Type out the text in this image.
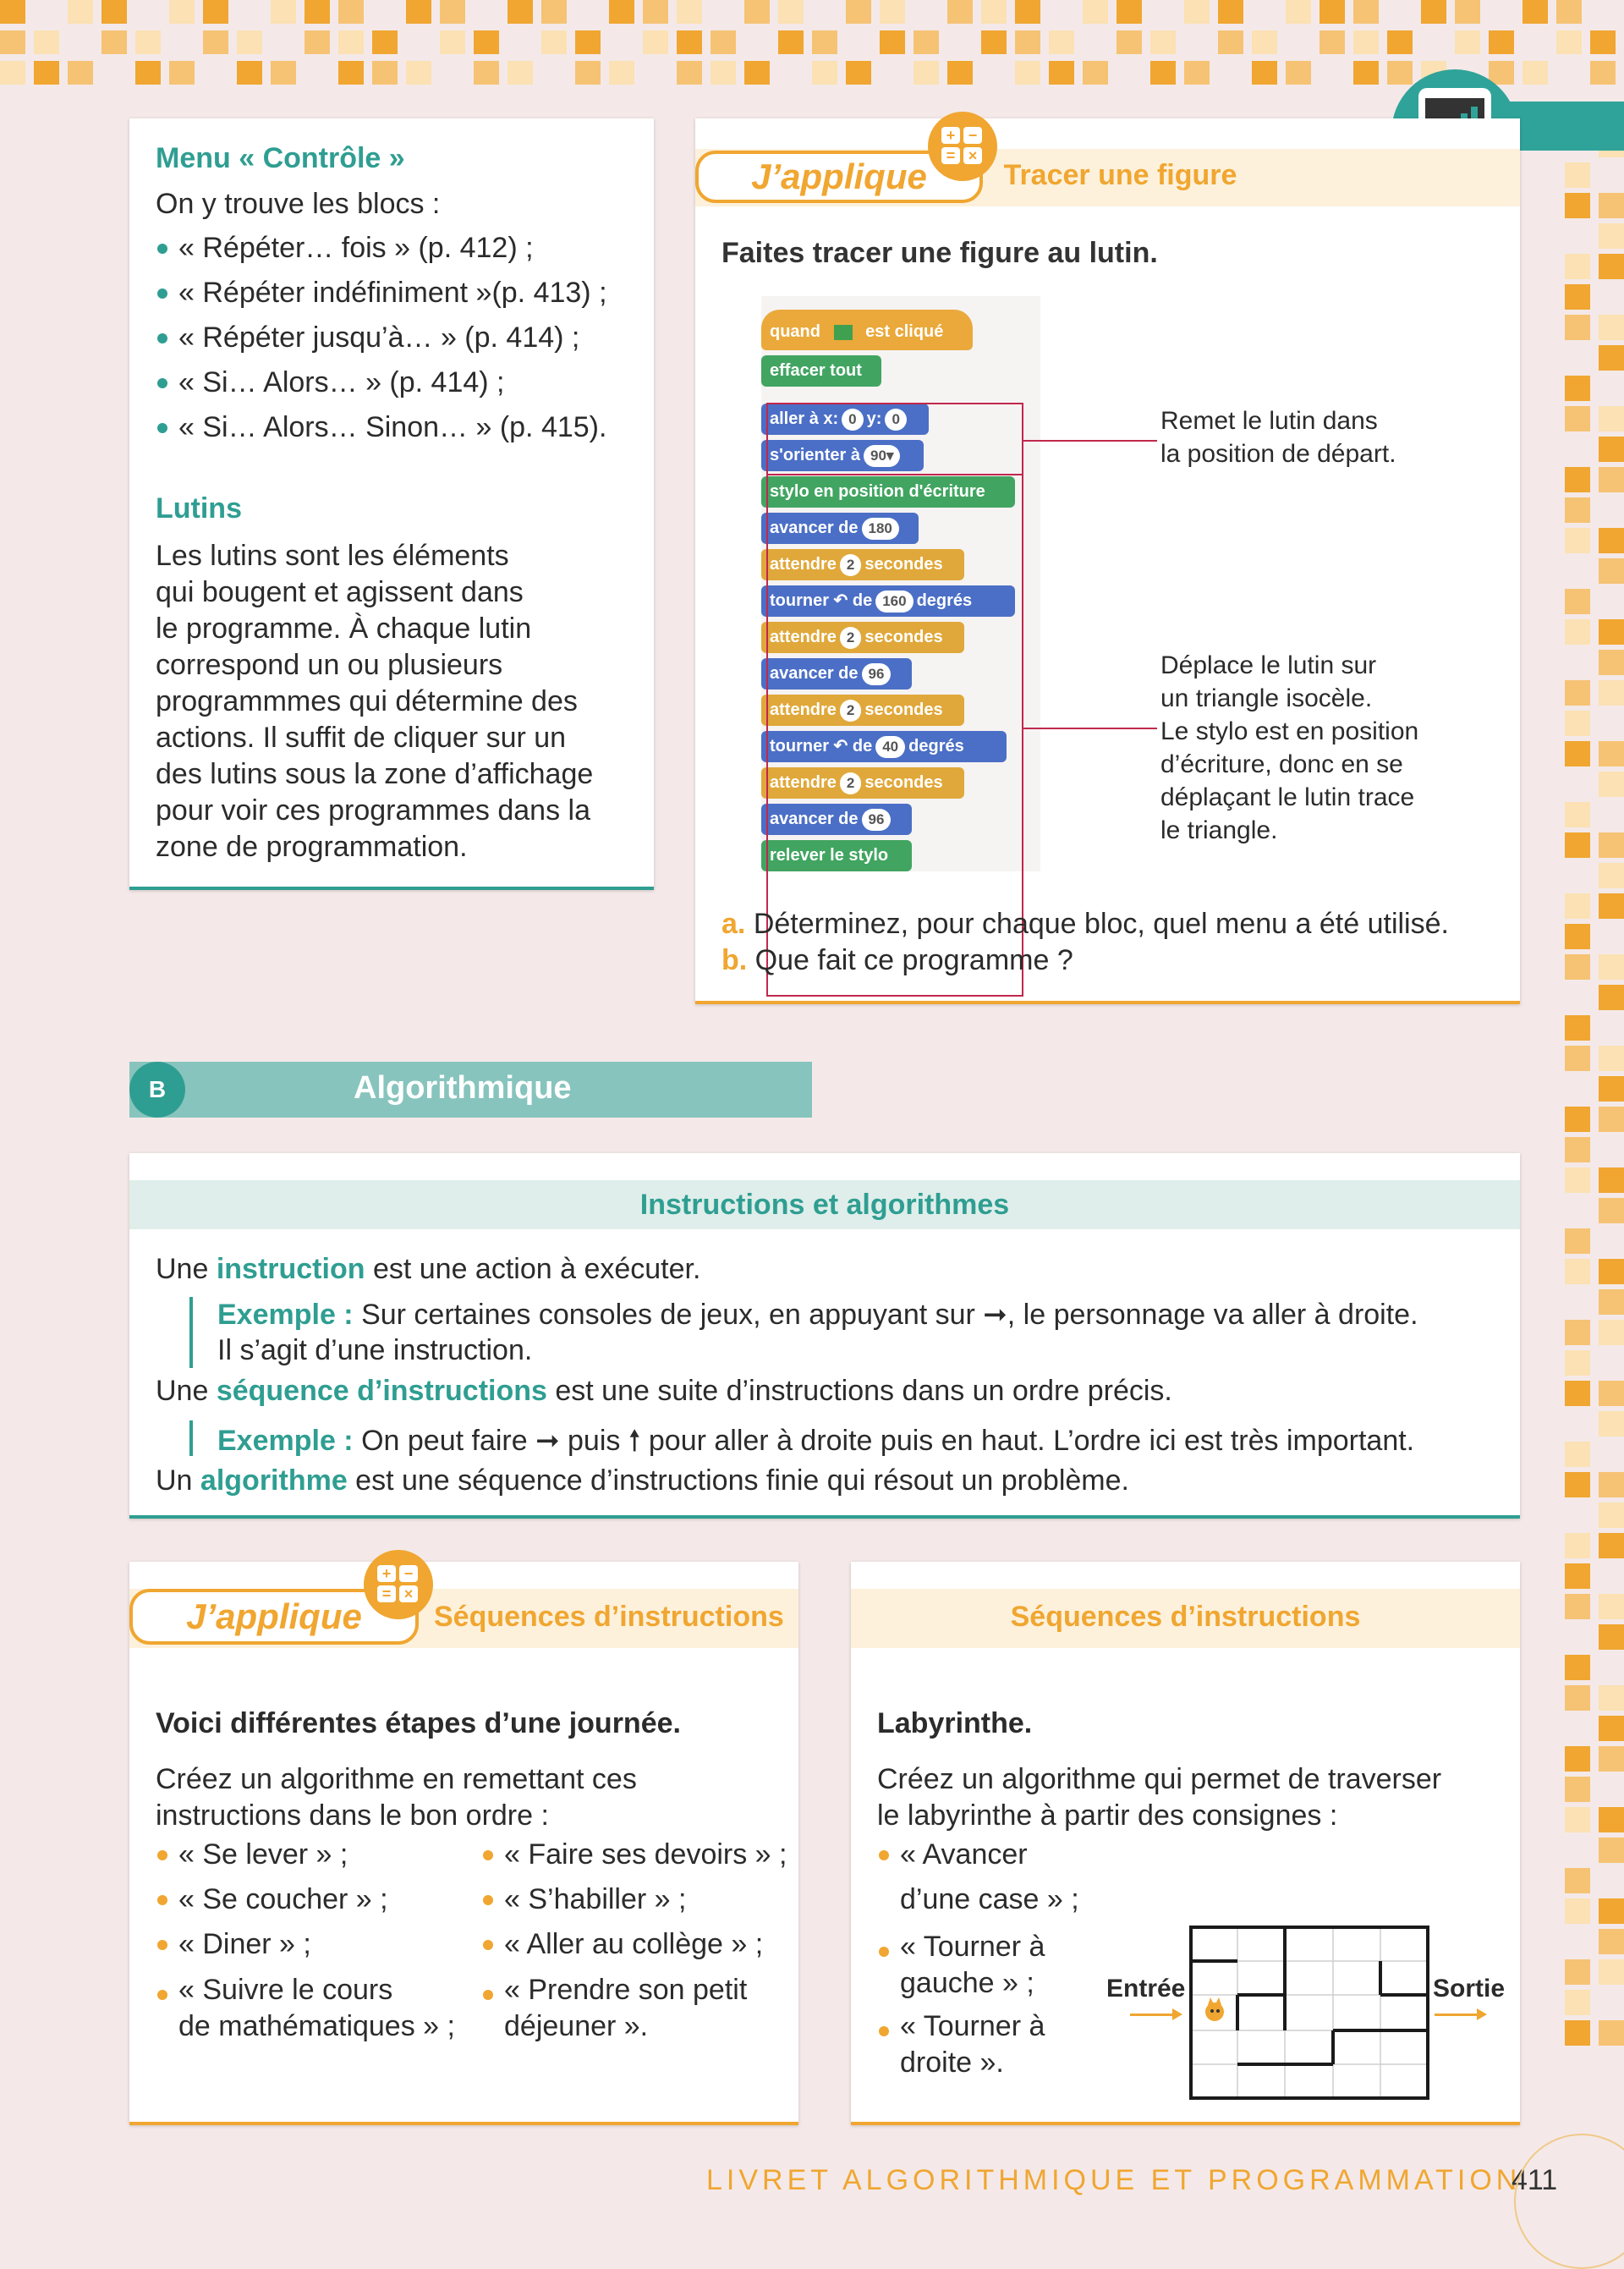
Menu « Contrôle »
On y trouve les blocs :
« Répéter… fois » (p. 412) ;
« Répéter indéfiniment »(p. 413) ;
« Répéter jusqu’à… » (p. 414) ;
« Si… Alors… » (p. 414) ;
« Si… Alors… Sinon… » (p. 415).
Lutins
Les lutins sont les éléments
qui bougent et agissent dans
le programme. À chaque lutin
correspond un ou plusieurs
programmmes qui détermine des
actions. Il suffit de cliquer sur un
des lutins sous la zone d’affichage
pour voir ces programmes dans la
zone de programmation.
Tracer une figure
Faites tracer une figure au lutin.
quand	est cliqué
effacer tout
aller à x: 0 y: 0
s'orienter à 90▾
stylo en position d'écriture
avancer de 180
attendre 2 secondes
tourner ↶ de 160 degrés
attendre 2 secondes
avancer de 96
attendre 2 secondes
tourner ↶ de 40 degrés
attendre 2 secondes
avancer de 96
relever le stylo
Remet le lutin dans
la position de départ.
Déplace le lutin sur
un triangle isocèle.
Le stylo est en position
d’écriture, donc en se
déplaçant le lutin trace
le triangle.
a. Déterminez, pour chaque bloc, quel menu a été utilisé.
b. Que fait ce programme ?
J’applique
+ −
= ×
B	Algorithmique
Instructions et algorithmes
Une instruction est une action à exécuter.
Exemple : Sur certaines consoles de jeux, en appuyant sur ➞, le personnage va aller à droite.
Il s’agit d’une instruction.
Une séquence d’instructions est une suite d’instructions dans un ordre précis.
Exemple : On peut faire ➞ puis 🠕 pour aller à droite puis en haut. L’ordre ici est très important.
Un algorithme est une séquence d’instructions finie qui résout un problème.
Séquences d’instructions
Voici différentes étapes d’une journée.
Créez un algorithme en remettant ces
instructions dans le bon ordre :
« Se lever » ;
« Se coucher » ;
« Diner » ;
« Suivre le cours
de mathématiques » ;
« Faire ses devoirs » ;
« S’habiller » ;
« Aller au collège » ;
« Prendre son petit
déjeuner ».
J’applique
+ −
= ×
Séquences d’instructions
Labyrinthe.
Créez un algorithme qui permet de traverser
le labyrinthe à partir des consignes :
« Avancer d’une case » ;
« Tourner à
gauche » ;
« Tourner à
droite ».
Entrée	Sortie
LIVRET ALGORITHMIQUE ET PROGRAMMATION
411
